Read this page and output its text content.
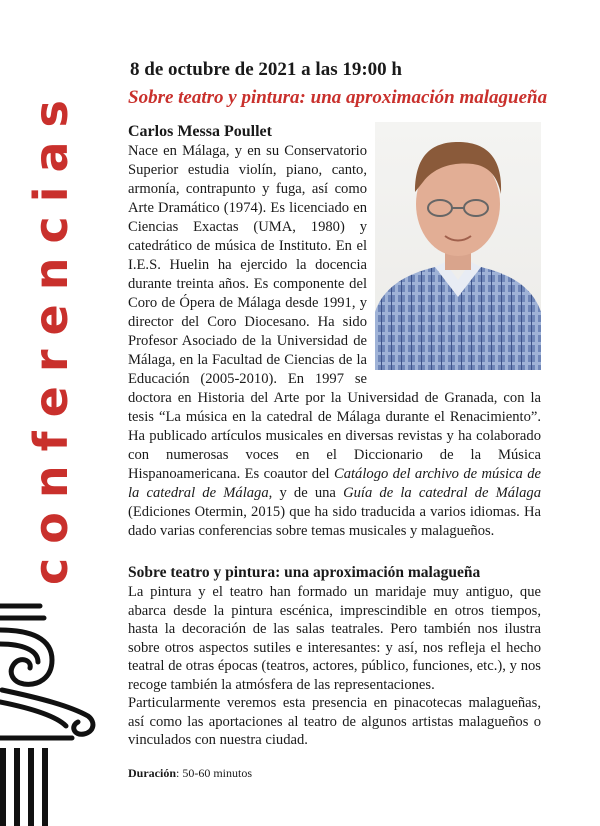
conferencias
8 de octubre de 2021 a las 19:00 h
Sobre teatro y pintura: una aproximación malagueña
Carlos Messa Poullet

Nace en Málaga, y en su Conservatorio Superior estudia violín, piano, canto, armonía, contrapunto y fuga, así como Arte Dramático (1974). Es licenciado en Ciencias Exactas (UMA, 1980) y catedrático de música de Instituto. En el I.E.S. Huelin ha ejercido la docencia durante treinta años. Es componente del Coro de Ópera de Málaga desde 1991, y director del Coro Diocesano. Ha sido Profesor Asociado de la Universidad de Málaga, en la Facultad de Ciencias de la Educación (2005-2010). En 1997 se doctora en Historia del Arte por la Universidad de Granada, con la tesis “La música en la catedral de Málaga durante el Renacimiento”. Ha publicado artículos musicales en diversas revistas y ha colaborado con numerosas voces en el Diccionario de la Música Hispanoamericana. Es coautor del Catálogo del archivo de música de la catedral de Málaga, y de una Guía de la catedral de Málaga (Ediciones Otermin, 2015) que ha sido traducida a varios idiomas. Ha dado varias conferencias sobre temas musicales y malagueños.

Sobre teatro y pintura: una aproximación malagueña

La pintura y el teatro han formado un maridaje muy antiguo, que abarca desde la pintura escénica, imprescindible en otros tiempos, hasta la decoración de las salas teatrales. Pero también nos ilustra sobre otros aspectos sutiles e interesantes: y así, nos refleja el hecho teatral de otras épocas (teatros, actores, público, funciones, etc.), y nos recoge también la atmósfera de las representaciones.

Particularmente veremos esta presencia en pinacotecas malagueñas, así como las aportaciones al teatro de algunos artistas malagueños o vinculados con nuestra ciudad.

Duración: 50-60 minutos
